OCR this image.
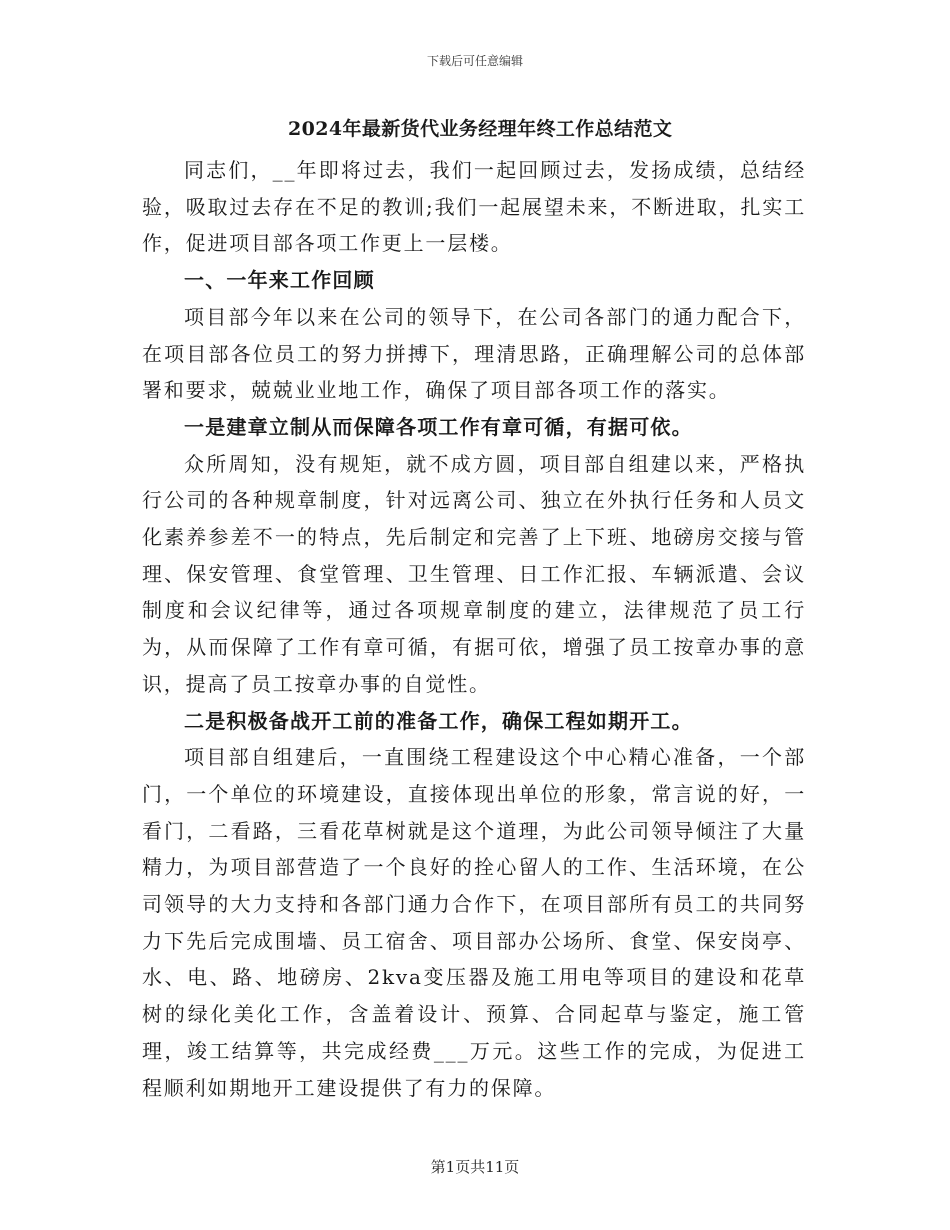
下载后可任意编辑
2024年最新货代业务经理年终工作总结范文

同志们，__年即将过去，我们一起回顾过去，发扬成绩，总结经验，吸取过去存在不足的教训;我们一起展望未来，不断进取，扎实工作，促进项目部各项工作更上一层楼。

一、一年来工作回顾

项目部今年以来在公司的领导下，在公司各部门的通力配合下，在项目部各位员工的努力拼搏下，理清思路，正确理解公司的总体部署和要求，兢兢业业地工作，确保了项目部各项工作的落实。

一是建章立制从而保障各项工作有章可循，有据可依。

众所周知，没有规矩，就不成方圆，项目部自组建以来，严格执行公司的各种规章制度，针对远离公司、独立在外执行任务和人员文化素养参差不一的特点，先后制定和完善了上下班、地磅房交接与管理、保安管理、食堂管理、卫生管理、日工作汇报、车辆派遣、会议制度和会议纪律等，通过各项规章制度的建立，法律规范了员工行为，从而保障了工作有章可循，有据可依，增强了员工按章办事的意识，提高了员工按章办事的自觉性。

二是积极备战开工前的准备工作，确保工程如期开工。

项目部自组建后，一直围绕工程建设这个中心精心准备，一个部门，一个单位的环境建设，直接体现出单位的形象，常言说的好，一看门，二看路，三看花草树就是这个道理，为此公司领导倾注了大量精力，为项目部营造了一个良好的拴心留人的工作、生活环境，在公司领导的大力支持和各部门通力合作下，在项目部所有员工的共同努力下先后完成围墙、员工宿舍、项目部办公场所、食堂、保安岗亭、水、电、路、地磅房、2kva变压器及施工用电等项目的建设和花草树的绿化美化工作，含盖着设计、预算、合同起草与鉴定，施工管理，竣工结算等，共完成经费___万元。这些工作的完成，为促进工程顺利如期地开工建设提供了有力的保障。

第1页共11页
